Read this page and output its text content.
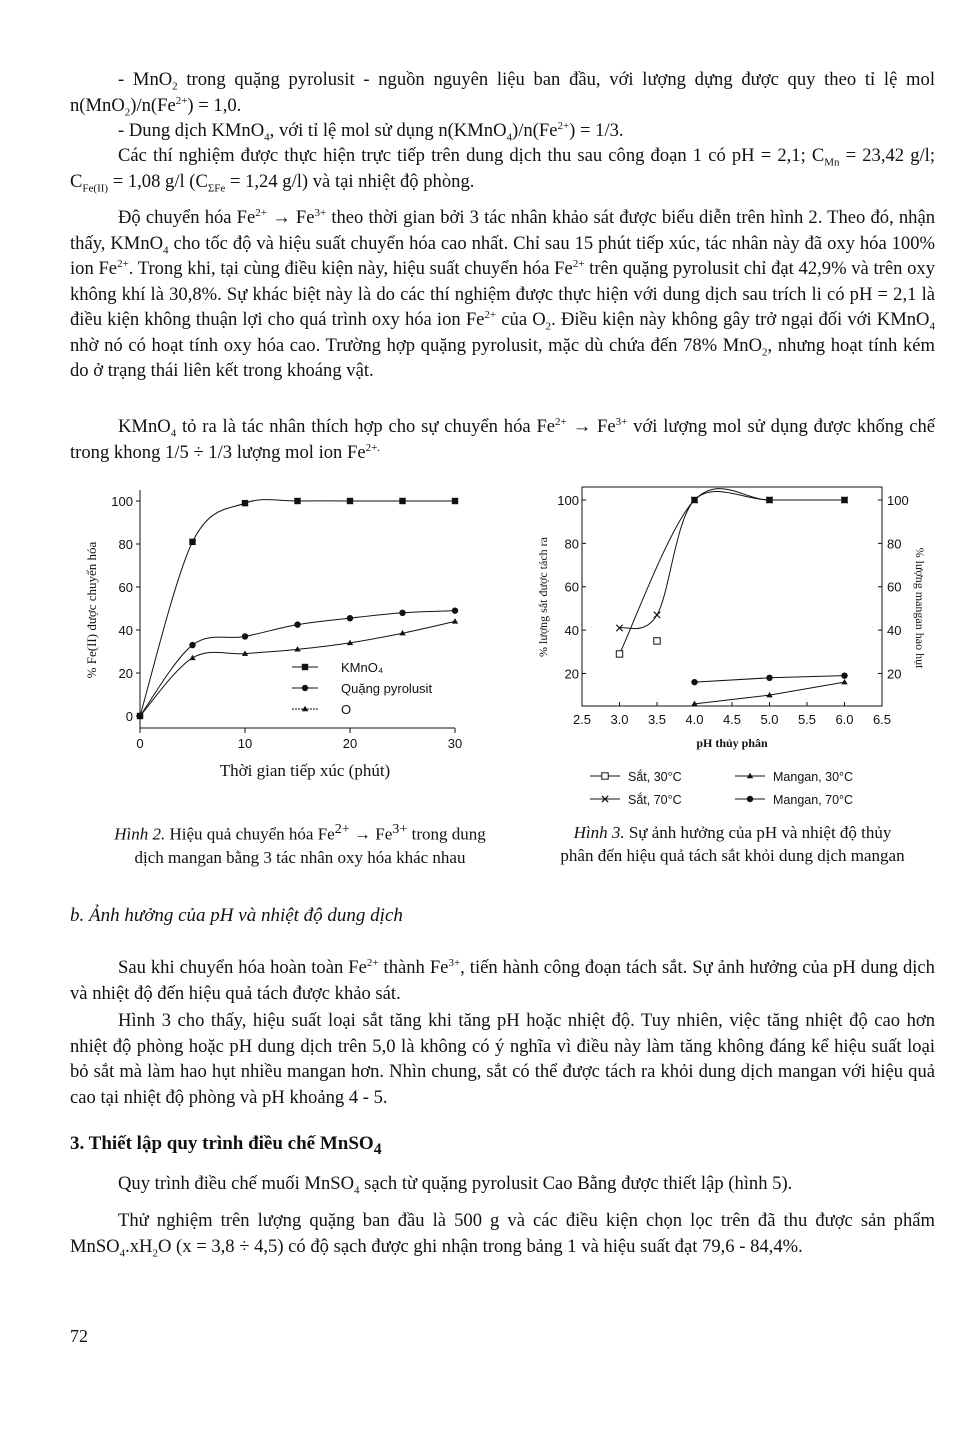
- MnO$_2$ trong quặng pyrolusit - nguồn nguyên liệu ban đầu, với lượng dựng được quy theo tỉ lệ mol $n(MnO_2)/n(Fe^{2+}) = 1,0$.
- Dung dịch KMnO$_4$, với tỉ lệ mol sử dụng $n(KMnO_4)/n(Fe^{2+}) = 1/3$.
Các thí nghiệm được thực hiện trực tiếp trên dung dịch thu sau công đoạn 1 có pH = 2,1; $C_{Mn} = 23,42$ g/l; $C_{Fe(II)} = 1,08$ g/l ($C_{\Sigma Fe} = 1,24$ g/l) và tại nhiệt độ phòng.
Độ chuyển hóa $Fe^{2+} \to Fe^{3+}$ theo thời gian bởi 3 tác nhân khảo sát được biểu diễn trên hình 2. Theo đó, nhận thấy, KMnO$_4$ cho tốc độ và hiệu suất chuyển hóa cao nhất. Chỉ sau 15 phút tiếp xúc, tác nhân này đã oxy hóa 100% ion $Fe^{2+}$. Trong khi, tại cùng điều kiện này, hiệu suất chuyển hóa $Fe^{2+}$ trên quặng pyrolusit chỉ đạt 42,9% và trên oxy không khí là 30,8%. Sự khác biệt này là do các thí nghiệm được thực hiện với dung dịch sau trích li có pH = 2,1 là điều kiện không thuận lợi cho quá trình oxy hóa ion $Fe^{2+}$ của $O_2$. Điều kiện này không gây trở ngại đối với KMnO$_4$ nhờ nó có hoạt tính oxy hóa cao. Trường hợp quặng pyrolusit, mặc dù chứa đến 78% MnO$_2$, nhưng hoạt tính kém do ở trạng thái liên kết trong khoáng vật.
KMnO$_4$ tỏ ra là tác nhân thích hợp cho sự chuyển hóa $Fe^{2+} \to Fe^{3+}$ với lượng mol sử dụng được khống chế trong khong 1/5 ÷ 1/3 lượng mol ion $Fe^{2+.}$
0
20
40
60
80
100
0	10	20	30
Thời gian tiếp xúc (phút)
% Fe(II) được chuyển hóa	KMnO₄
Quặng pyrolusit
O
20
40
60
80
100
20
40
60
80
100
2.5 3.0 3.5 4.0 4.5 5.0 5.5 6.0 6.5
pH thủy phân
% lượng sắt được tách ra	% lượng mangan hao hụt
Sắt, 30°C
Sắt, 70°C
Mangan, 30°C
Mangan, 70°C
Hình 2. Hiệu quả chuyển hóa $Fe^{2+} \to Fe^{3+}$ trong dung dịch mangan bằng 3 tác nhân oxy hóa khác nhau
Hình 3. Sự ảnh hưởng của pH và nhiệt độ thủy phân đến hiệu quả tách sắt khỏi dung dịch mangan
b. Ảnh hưởng của pH và nhiệt độ dung dịch
Sau khi chuyển hóa hoàn toàn $Fe^{2+}$ thành $Fe^{3+}$, tiến hành công đoạn tách sắt. Sự ảnh hưởng của pH dung dịch và nhiệt độ đến hiệu quả tách được khảo sát.
Hình 3 cho thấy, hiệu suất loại sắt tăng khi tăng pH hoặc nhiệt độ. Tuy nhiên, việc tăng nhiệt độ cao hơn nhiệt độ phòng hoặc pH dung dịch trên 5,0 là không có ý nghĩa vì điều này làm tăng không đáng kể hiệu suất loại bỏ sắt mà làm hao hụt nhiều mangan hơn. Nhìn chung, sắt có thể được tách ra khỏi dung dịch mangan với hiệu quả cao tại nhiệt độ phòng và pH khoảng 4 - 5.
3. Thiết lập quy trình điều chế MnSO$_4$
Quy trình điều chế muối MnSO$_4$ sạch từ quặng pyrolusit Cao Bằng được thiết lập (hình 5).
Thử nghiệm trên lượng quặng ban đầu là 500 g và các điều kiện chọn lọc trên đã thu được sản phẩm $MnSO_4.xH_2O$ (x = 3,8 ÷ 4,5) có độ sạch được ghi nhận trong bảng 1 và hiệu suất đạt 79,6 - 84,4%.
72
